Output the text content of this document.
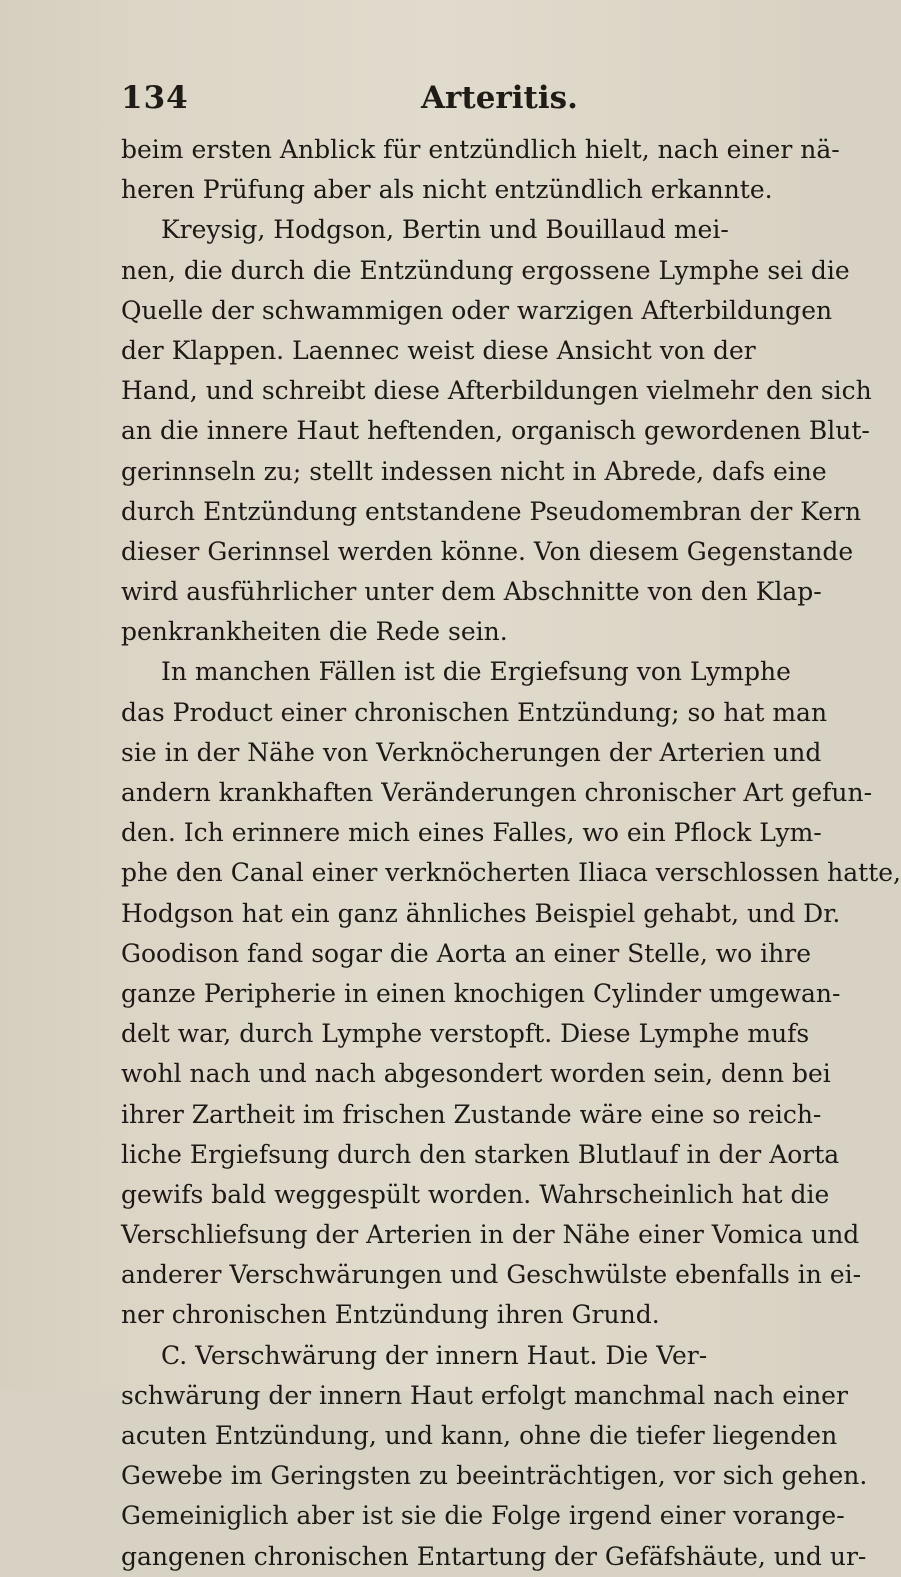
134	Arteritis.
beim ersten Anblick für entzündlich hielt, nach einer nä-
heren Prüfung aber als nicht entzündlich erkannte.
Kreysig, Hodgson, Bertin und Bouillaud mei-
nen, die durch die Entzündung ergossene Lymphe sei die
Quelle der schwammigen oder warzigen Afterbildungen
der Klappen. Laennec weist diese Ansicht von der
Hand, und schreibt diese Afterbildungen vielmehr den sich
an die innere Haut heftenden, organisch gewordenen Blut-
gerinnseln zu; stellt indessen nicht in Abrede, dafs eine
durch Entzündung entstandene Pseudomembran der Kern
dieser Gerinnsel werden könne. Von diesem Gegenstande
wird ausführlicher unter dem Abschnitte von den Klap-
penkrankheiten die Rede sein.
In manchen Fällen ist die Ergiefsung von Lymphe
das Product einer chronischen Entzündung; so hat man
sie in der Nähe von Verknöcherungen der Arterien und
andern krankhaften Veränderungen chronischer Art gefun-
den. Ich erinnere mich eines Falles, wo ein Pflock Lym-
phe den Canal einer verknöcherten Iliaca verschlossen hatte,
Hodgson hat ein ganz ähnliches Beispiel gehabt, und Dr.
Goodison fand sogar die Aorta an einer Stelle, wo ihre
ganze Peripherie in einen knochigen Cylinder umgewan-
delt war, durch Lymphe verstopft. Diese Lymphe mufs
wohl nach und nach abgesondert worden sein, denn bei
ihrer Zartheit im frischen Zustande wäre eine so reich-
liche Ergiefsung durch den starken Blutlauf in der Aorta
gewifs bald weggespült worden. Wahrscheinlich hat die
Verschliefsung der Arterien in der Nähe einer Vomica und
anderer Verschwärungen und Geschwülste ebenfalls in ei-
ner chronischen Entzündung ihren Grund.
C. Verschwärung der innern Haut. Die Ver-
schwärung der innern Haut erfolgt manchmal nach einer
acuten Entzündung, und kann, ohne die tiefer liegenden
Gewebe im Geringsten zu beeinträchtigen, vor sich gehen.
Gemeiniglich aber ist sie die Folge irgend einer vorange-
gangenen chronischen Entartung der Gefäfshäute, und ur-
